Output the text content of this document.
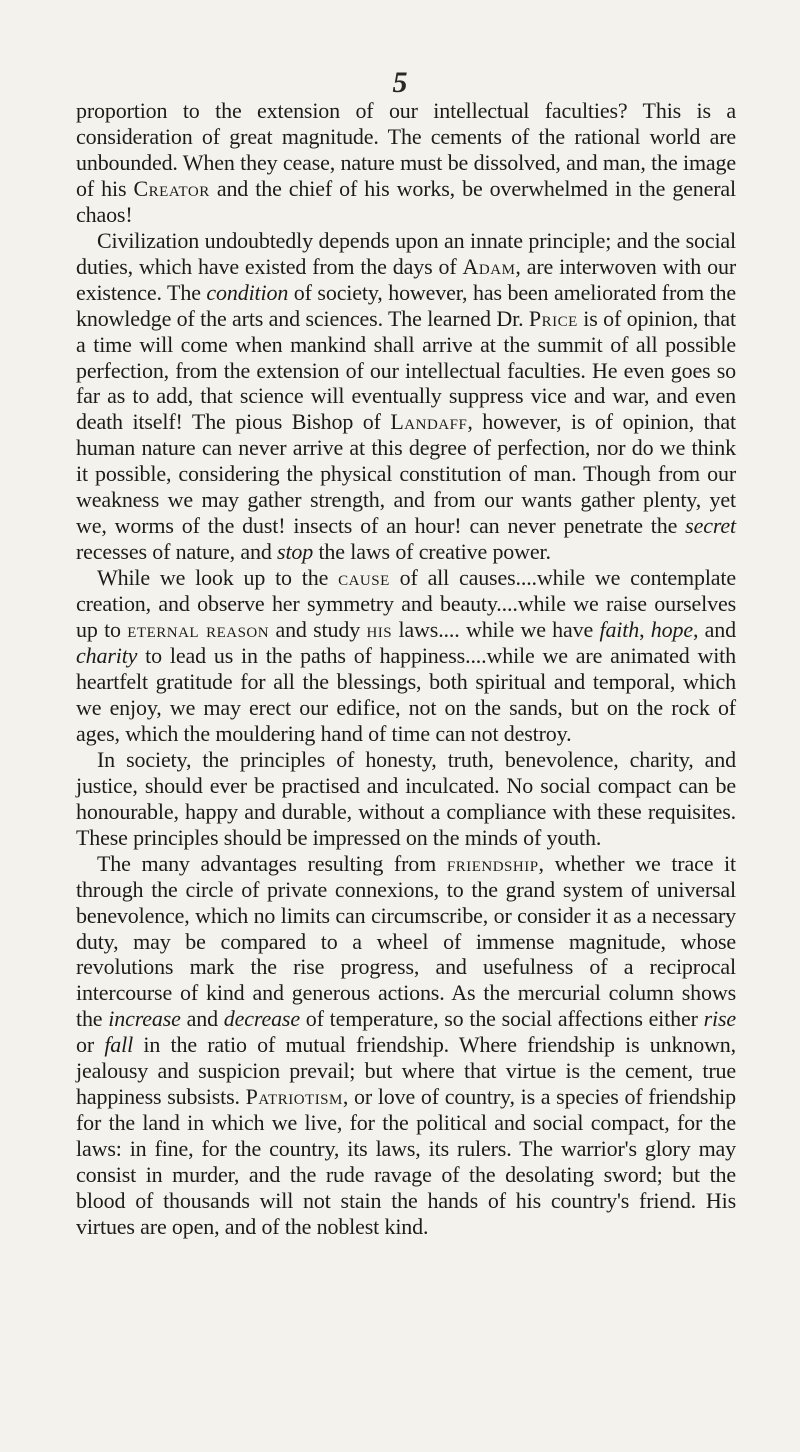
5

proportion to the extension of our intellectual faculties? This is a consideration of great magnitude. The cements of the rational world are unbounded. When they cease, nature must be dissolved, and man, the image of his Creator and the chief of his works, be overwhelmed in the general chaos!

Civilization undoubtedly depends upon an innate principle; and the social duties, which have existed from the days of Adam, are interwoven with our existence. The condition of society, however, has been ameliorated from the knowledge of the arts and sciences. The learned Dr. Price is of opinion, that a time will come when mankind shall arrive at the summit of all possible perfection, from the extension of our intellectual faculties. He even goes so far as to add, that science will eventually suppress vice and war, and even death itself! The pious Bishop of Landaff, however, is of opinion, that human nature can never arrive at this degree of perfection, nor do we think it possible, considering the physical constitution of man. Though from our weakness we may gather strength, and from our wants gather plenty, yet we, worms of the dust! insects of an hour! can never penetrate the secret recesses of nature, and stop the laws of creative power.

While we look up to the cause of all causes....while we contemplate creation, and observe her symmetry and beauty....while we raise ourselves up to eternal reason and study his laws.... while we have faith, hope, and charity to lead us in the paths of happiness....while we are animated with heartfelt gratitude for all the blessings, both spiritual and temporal, which we enjoy, we may erect our edifice, not on the sands, but on the rock of ages, which the mouldering hand of time can not destroy.

In society, the principles of honesty, truth, benevolence, charity, and justice, should ever be practised and inculcated. No social compact can be honourable, happy and durable, without a compliance with these requisites. These principles should be impressed on the minds of youth.

The many advantages resulting from friendship, whether we trace it through the circle of private connexions, to the grand system of universal benevolence, which no limits can circumscribe, or consider it as a necessary duty, may be compared to a wheel of immense magnitude, whose revolutions mark the rise progress, and usefulness of a reciprocal intercourse of kind and generous actions. As the mercurial column shows the increase and decrease of temperature, so the social affections either rise or fall in the ratio of mutual friendship. Where friendship is unknown, jealousy and suspicion prevail; but where that virtue is the cement, true happiness subsists. Patriotism, or love of country, is a species of friendship for the land in which we live, for the political and social compact, for the laws: in fine, for the country, its laws, its rulers. The warrior's glory may consist in murder, and the rude ravage of the desolating sword; but the blood of thousands will not stain the hands of his country's friend. His virtues are open, and of the noblest kind.
